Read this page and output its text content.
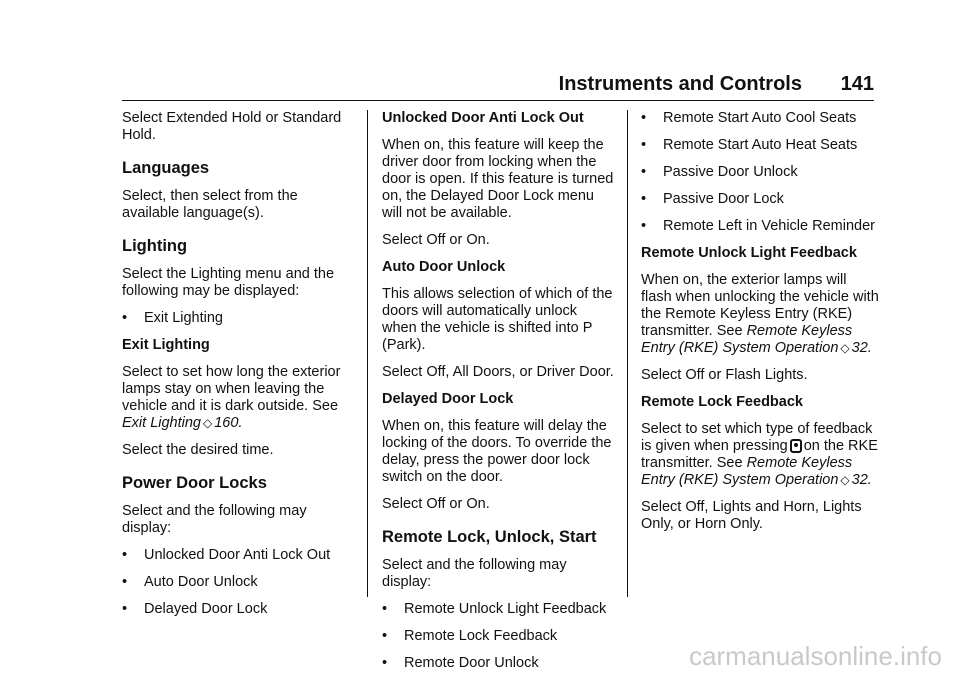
Instruments and Controls 141

Select Extended Hold or Standard Hold.

Languages

Select, then select from the available language(s).

Lighting

Select the Lighting menu and the following may be displayed:

• Exit Lighting

Exit Lighting

Select to set how long the exterior lamps stay on when leaving the vehicle and it is dark outside. See Exit Lighting ◇ 160.

Select the desired time.

Power Door Locks

Select and the following may display:

• Unlocked Door Anti Lock Out
• Auto Door Unlock
• Delayed Door Lock

Unlocked Door Anti Lock Out

When on, this feature will keep the driver door from locking when the door is open. If this feature is turned on, the Delayed Door Lock menu will not be available.

Select Off or On.

Auto Door Unlock

This allows selection of which of the doors will automatically unlock when the vehicle is shifted into P (Park).

Select Off, All Doors, or Driver Door.

Delayed Door Lock

When on, this feature will delay the locking of the doors. To override the delay, press the power door lock switch on the door.

Select Off or On.

Remote Lock, Unlock, Start

Select and the following may display:

• Remote Unlock Light Feedback
• Remote Lock Feedback
• Remote Door Unlock
• Remote Start Auto Cool Seats
• Remote Start Auto Heat Seats
• Passive Door Unlock
• Passive Door Lock
• Remote Left in Vehicle Reminder

Remote Unlock Light Feedback

When on, the exterior lamps will flash when unlocking the vehicle with the Remote Keyless Entry (RKE) transmitter. See Remote Keyless Entry (RKE) System Operation ◇ 32.

Select Off or Flash Lights.

Remote Lock Feedback

Select to set which type of feedback is given when pressing on the RKE transmitter. See Remote Keyless Entry (RKE) System Operation ◇ 32.

Select Off, Lights and Horn, Lights Only, or Horn Only.

carmanualsonline.info
